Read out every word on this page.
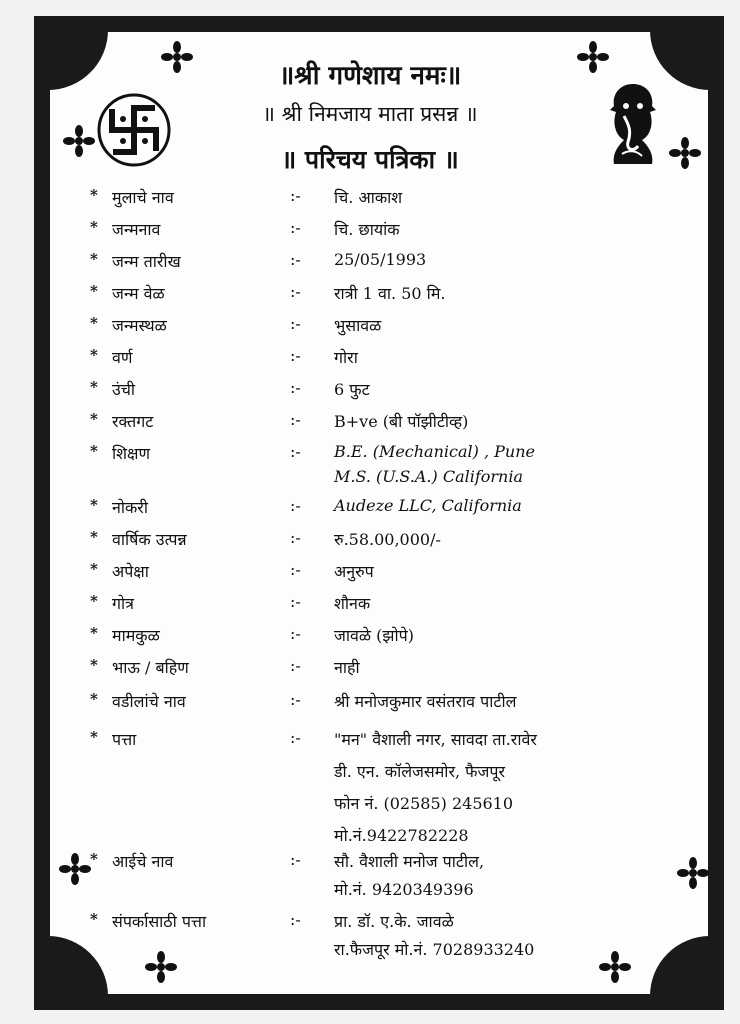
॥श्री गणेशाय नमः॥
॥ श्री निमजाय माता प्रसन्न ॥
॥ परिचय पत्रिका ॥
* मुलाचे नाव	:- चि. आकाश
* जन्मनाव	:- चि. छायांक
* जन्म तारीख	:- 25/05/1993
* जन्म वेळ	:- रात्री 1 वा. 50 मि.
* जन्मस्थळ	:- भुसावळ
* वर्ण	:- गोरा
* उंची	:- 6 फुट
* रक्तगट	:- B+ve (बी पॉझीटीव्ह)
* शिक्षण	:- B.E. (Mechanical) , Pune
M.S. (U.S.A.) California
* नोकरी	:- Audeze LLC, California
* वार्षिक उत्पन्न	:- रु.58.00,000/-
* अपेक्षा	:- अनुरुप
* गोत्र	:- शौनक
* मामकुळ	:- जावळे (झोपे)
* भाऊ / बहिण	:- नाही
* वडीलांचे नाव	:- श्री मनोजकुमार वसंतराव पाटील
* पत्ता	:- "मन" वैशाली नगर, सावदा ता.रावेर
डी. एन. कॉलेजसमोर, फैजपूर
फोन नं. (02585) 245610
मो.नं.9422782228
* आईचे नाव	:- सौ. वैशाली मनोज पाटील,
मो.नं. 9420349396
* संपर्कासाठी पत्ता	:- प्रा. डॉ. ए.के. जावळे
रा.फैजपूर मो.नं. 7028933240
